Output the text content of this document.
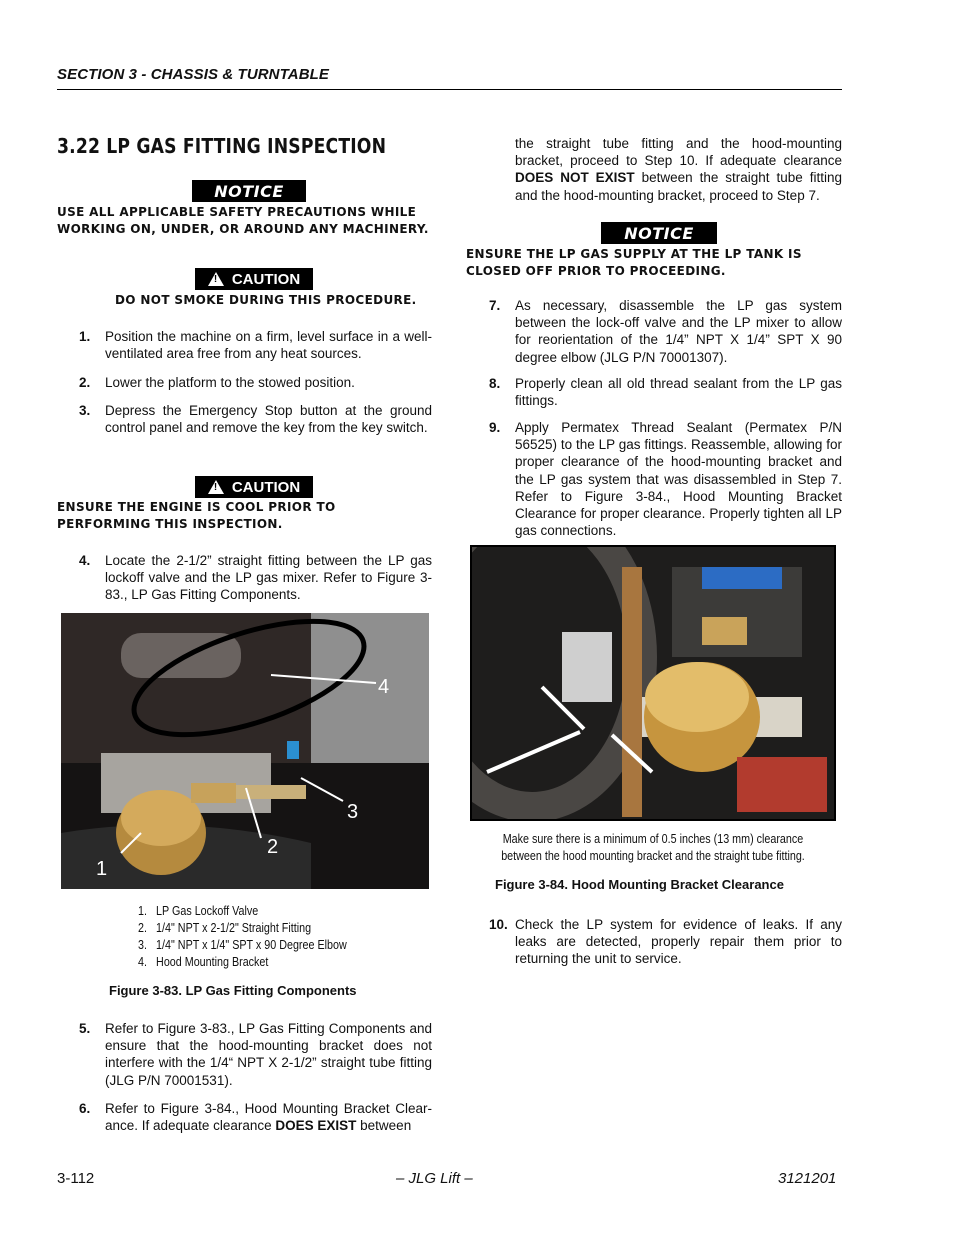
SECTION 3 - CHASSIS & TURNTABLE
3.22 LP GAS FITTING INSPECTION
NOTICE
USE ALL APPLICABLE SAFETY PRECAUTIONS WHILE WORKING ON, UNDER, OR AROUND ANY MACHINERY.
! CAUTION
DO NOT SMOKE DURING THIS PROCEDURE.
1. Position the machine on a firm, level surface in a well-ventilated area free from any heat sources.
2. Lower the platform to the stowed position.
3. Depress the Emergency Stop button at the ground control panel and remove the key from the key switch.
! CAUTION
ENSURE THE ENGINE IS COOL PRIOR TO PERFORMING THIS INSPECTION.
4. Locate the 2-1/2” straight fitting between the LP gas lockoff valve and the LP gas mixer. Refer to Figure 3-83., LP Gas Fitting Components.
1
2
3
4
1. LP Gas Lockoff Valve
2. 1/4" NPT x 2-1/2" Straight Fitting
3. 1/4" NPT x 1/4" SPT x 90 Degree Elbow
4. Hood Mounting Bracket
Figure 3-83. LP Gas Fitting Components
5. Refer to Figure 3-83., LP Gas Fitting Components and ensure that the hood-mounting bracket does not interfere with the 1/4“ NPT X 2-1/2” straight tube fitting (JLG P/N 70001531).
6. Refer to Figure 3-84., Hood Mounting Bracket Clear-ance. If adequate clearance DOES EXIST between
the straight tube fitting and the hood-mounting bracket, proceed to Step 10. If adequate clearance DOES NOT EXIST between the straight tube fitting and the hood-mounting bracket, proceed to Step 7.
NOTICE
ENSURE THE LP GAS SUPPLY AT THE LP TANK IS CLOSED OFF PRIOR TO PROCEEDING.
7. As necessary, disassemble the LP gas system between the lock-off valve and the LP mixer to allow for reorientation of the 1/4” NPT X 1/4” SPT X 90 degree elbow (JLG P/N 70001307).
8. Properly clean all old thread sealant from the LP gas fittings.
9. Apply Permatex Thread Sealant (Permatex P/N 56525) to the LP gas fittings. Reassemble, allowing for proper clearance of the hood-mounting bracket and the LP gas system that was disassembled in Step 7. Refer to Figure 3-84., Hood Mounting Bracket Clearance for proper clearance. Properly tighten all LP gas connections.
Make sure there is a minimum of 0.5 inches (13 mm) clearance
between the hood mounting bracket and the straight tube fitting.
Figure 3-84. Hood Mounting Bracket Clearance
10. Check the LP system for evidence of leaks. If any leaks are detected, properly repair them prior to returning the unit to service.
3-112	– JLG Lift –	3121201
